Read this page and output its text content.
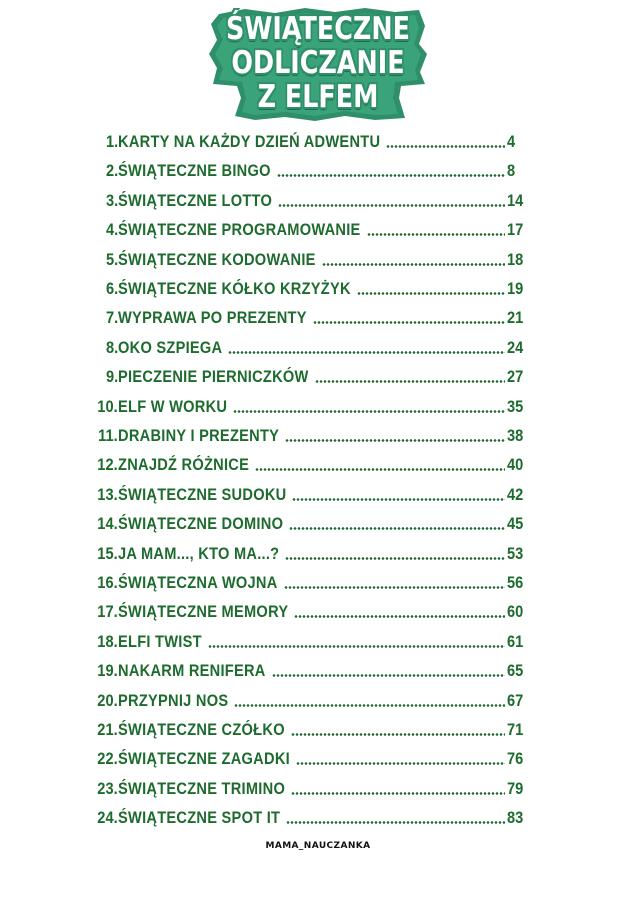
ŚWIĄTECZNE
ODLICZANIE
Z ELFEM
1. KARTY NA KAŻDY DZIEŃ ADWENTU	4
2. ŚWIĄTECZNE BINGO	8
3. ŚWIĄTECZNE LOTTO	14
4. ŚWIĄTECZNE PROGRAMOWANIE	17
5. ŚWIĄTECZNE KODOWANIE	18
6. ŚWIĄTECZNE KÓŁKO KRZYŻYK	19
7. WYPRAWA PO PREZENTY	21
8. OKO SZPIEGA	24
9. PIECZENIE PIERNICZKÓW	27
10. ELF W WORKU	35
11. DRABINY I PREZENTY	38
12. ZNAJDŹ RÓŻNICE	40
13. ŚWIĄTECZNE SUDOKU	42
14. ŚWIĄTECZNE DOMINO	45
15. JA MAM..., KTO MA...?	53
16. ŚWIĄTECZNA WOJNA	56
17. ŚWIĄTECZNE MEMORY	60
18. ELFI TWIST	61
19. NAKARM RENIFERA	65
20. PRZYPNIJ NOS	67
21. ŚWIĄTECZNE CZÓŁKO	71
22. ŚWIĄTECZNE ZAGADKI	76
23. ŚWIĄTECZNE TRIMINO	79
24. ŚWIĄTECZNE SPOT IT	83
MAMA_NAUCZANKA
